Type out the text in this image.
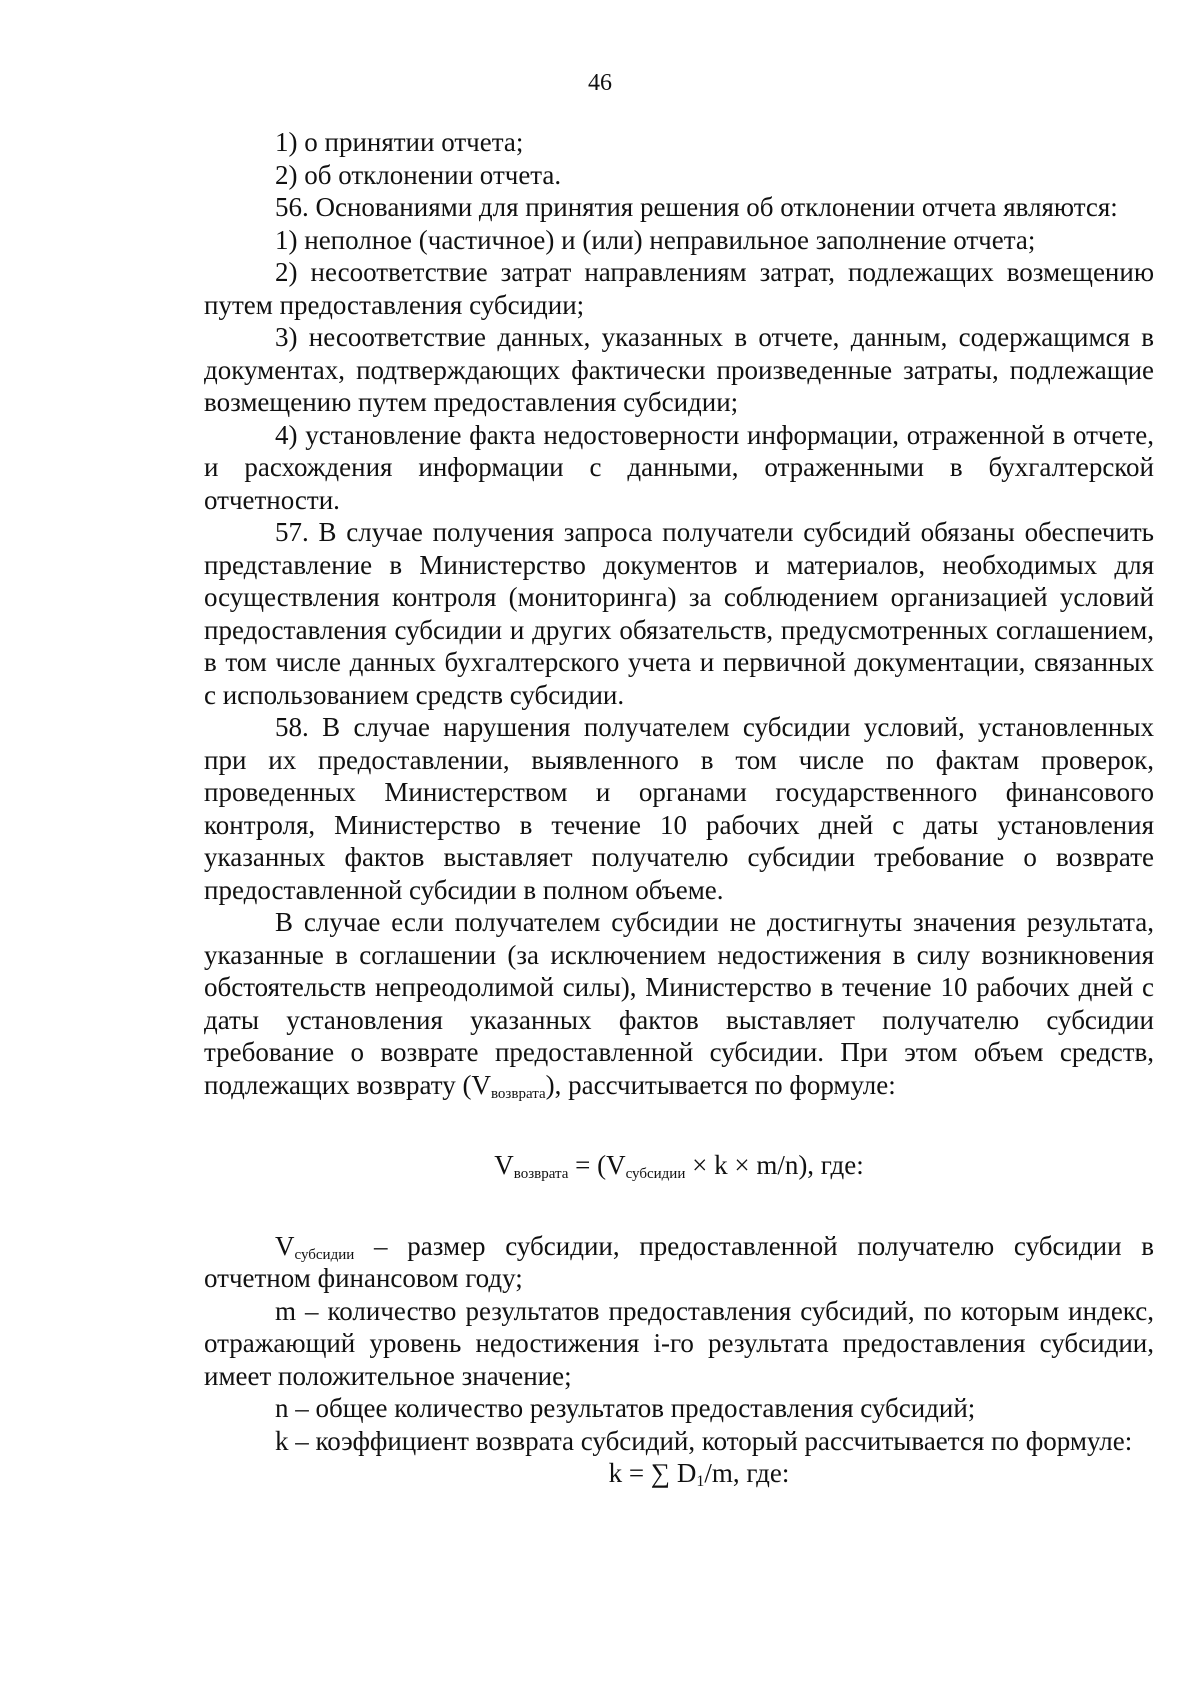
46

1) о принятии отчета;

2) об отклонении отчета.

56. Основаниями для принятия решения об отклонении отчета являются:

1) неполное (частичное) и (или) неправильное заполнение отчета;

2) несоответствие затрат направлениям затрат, подлежащих возмещению путем предоставления субсидии;

3) несоответствие данных, указанных в отчете, данным, содержащимся в документах, подтверждающих фактически произведенные затраты, подлежащие возмещению путем предоставления субсидии;

4) установление факта недостоверности информации, отраженной в отчете, и расхождения информации с данными, отраженными в бухгалтерской отчетности.

57. В случае получения запроса получатели субсидий обязаны обеспечить представление в Министерство документов и материалов, необходимых для осуществления контроля (мониторинга) за соблюдением организацией условий предоставления субсидии и других обязательств, предусмотренных соглашением, в том числе данных бухгалтерского учета и первичной документации, связанных с использованием средств субсидии.

58. В случае нарушения получателем субсидии условий, установленных при их предоставлении, выявленного в том числе по фактам проверок, проведенных Министерством и органами государственного финансового контроля, Министерство в течение 10 рабочих дней с даты установления указанных фактов выставляет получателю субсидии требование о возврате предоставленной субсидии в полном объеме.

В случае если получателем субсидии не достигнуты значения результата, указанные в соглашении (за исключением недостижения в силу возникновения обстоятельств непреодолимой силы), Министерство в течение 10 рабочих дней с даты установления указанных фактов выставляет получателю субсидии требование о возврате предоставленной субсидии. При этом объем средств, подлежащих возврату $(V_{возврата})$, рассчитывается по формуле:

$V_{возврата} = (V_{субсидии} \times k \times m/n)$, где:

$V_{субсидии}$ – размер субсидии, предоставленной получателю субсидии в отчетном финансовом году;

m – количество результатов предоставления субсидий, по которым индекс, отражающий уровень недостижения i-го результата предоставления субсидии, имеет положительное значение;

n – общее количество результатов предоставления субсидий;

k – коэффициент возврата субсидий, который рассчитывается по формуле:

k = ∑ $D_1/m$, где:
